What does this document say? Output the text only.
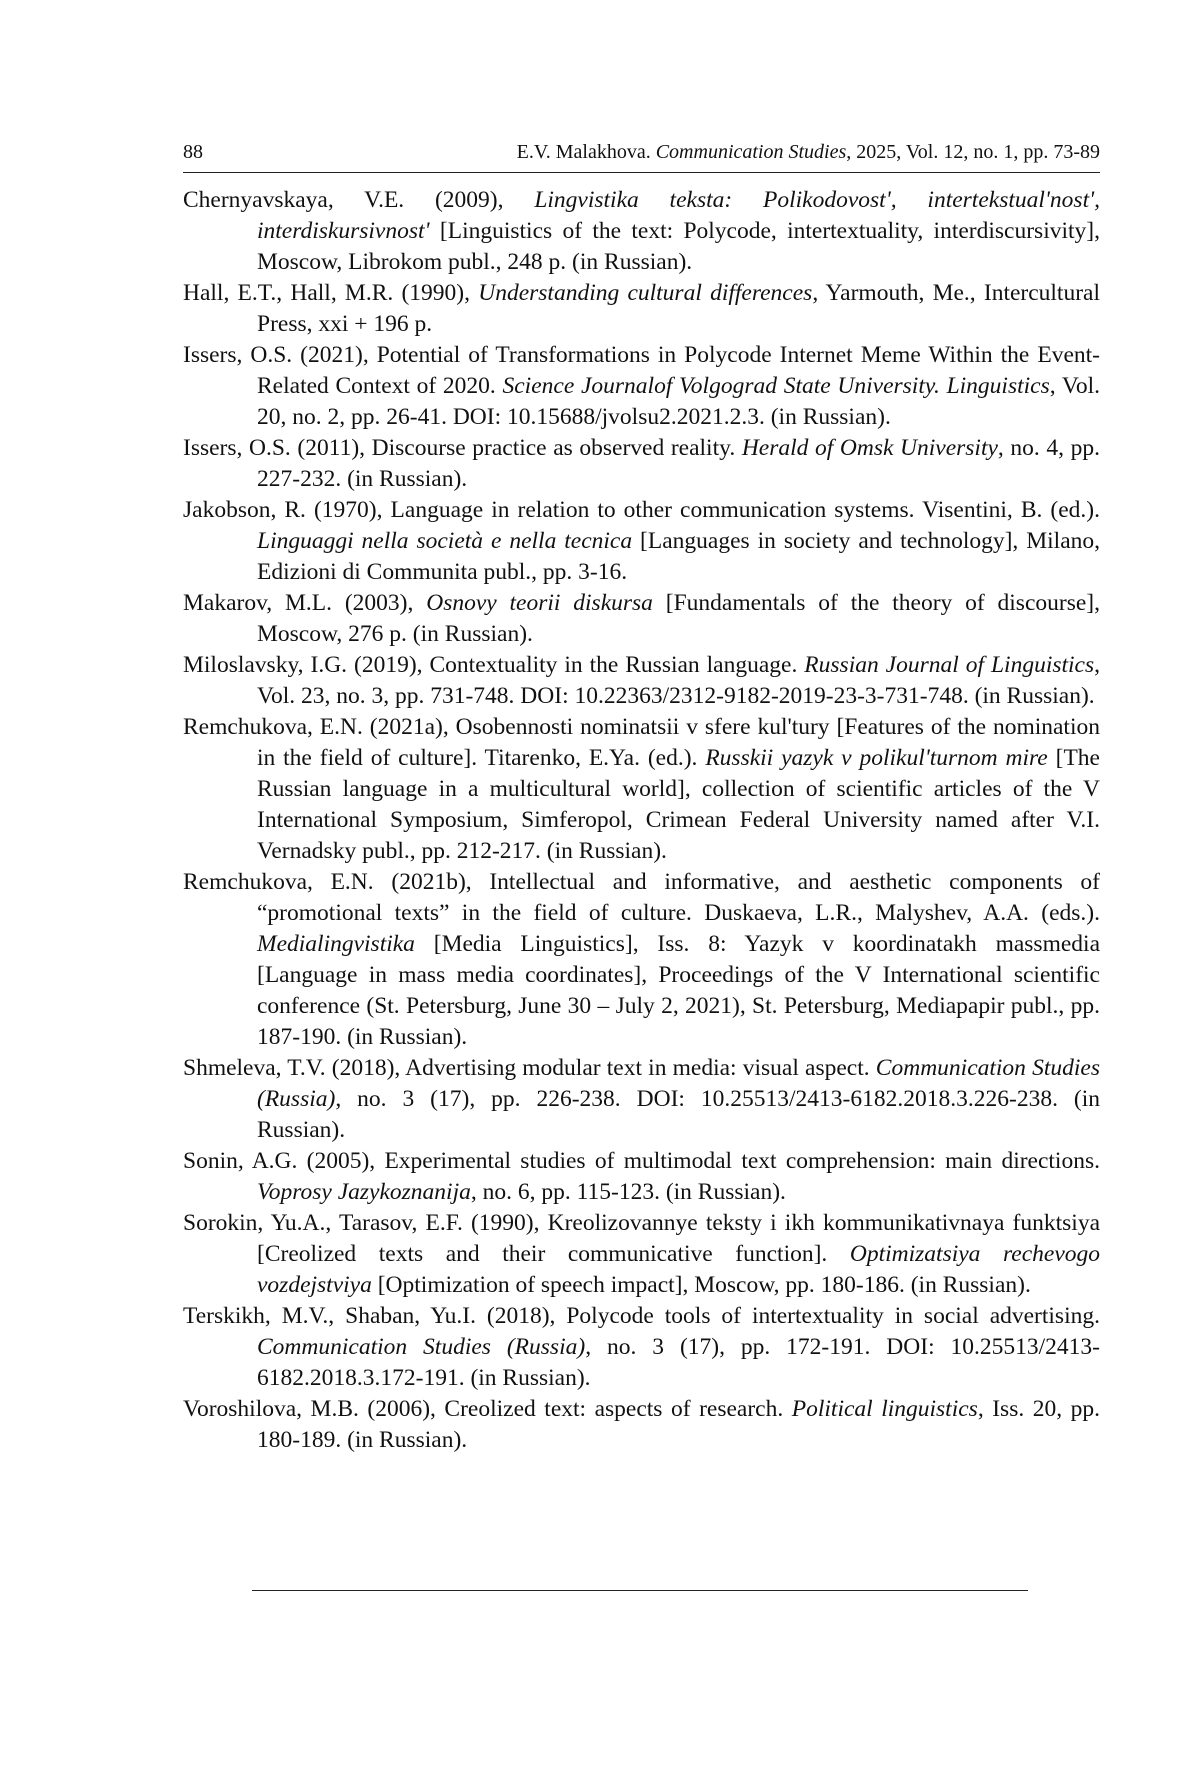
88	E.V. Malakhova. Communication Studies, 2025, Vol. 12, no. 1, pp. 73-89

Chernyavskaya, V.E. (2009), Lingvistika teksta: Polikodovost', intertekstual'nost', interdiskursivnost' [Linguistics of the text: Polycode, intertextuality, interdiscursivity], Moscow, Librokom publ., 248 p. (in Russian).

Hall, E.T., Hall, M.R. (1990), Understanding cultural differences, Yarmouth, Me., Intercultural Press, xxi + 196 p.

Issers, O.S. (2021), Potential of Transformations in Polycode Internet Meme Within the Event-Related Context of 2020. Science Journalof Volgograd State University. Linguistics, Vol. 20, no. 2, pp. 26-41. DOI: 10.15688/jvolsu2.2021.2.3. (in Russian).

Issers, O.S. (2011), Discourse practice as observed reality. Herald of Omsk University, no. 4, pp. 227-232. (in Russian).

Jakobson, R. (1970), Language in relation to other communication systems. Visentini, B. (ed.). Linguaggi nella società e nella tecnica [Languages in society and technology], Milano, Edizioni di Communita publ., pp. 3-16.

Makarov, M.L. (2003), Osnovy teorii diskursa [Fundamentals of the theory of discourse], Moscow, 276 p. (in Russian).

Miloslavsky, I.G. (2019), Contextuality in the Russian language. Russian Journal of Linguistics, Vol. 23, no. 3, pp. 731-748. DOI: 10.22363/2312-9182-2019-23-3-731-748. (in Russian).

Remchukova, E.N. (2021a), Osobennosti nominatsii v sfere kul'tury [Features of the nomination in the field of culture]. Titarenko, E.Ya. (ed.). Russkii yazyk v polikul'turnom mire [The Russian language in a multicultural world], collection of scientific articles of the V International Symposium, Simferopol, Crimean Federal University named after V.I. Vernadsky publ., pp. 212-217. (in Russian).

Remchukova, E.N. (2021b), Intellectual and informative, and aesthetic components of “promotional texts” in the field of culture. Duskaeva, L.R., Malyshev, A.A. (eds.). Medialingvistika [Media Linguistics], Iss. 8: Yazyk v koordinatakh massmedia [Language in mass media coordinates], Proceedings of the V International scientific conference (St. Petersburg, June 30 – July 2, 2021), St. Petersburg, Mediapapir publ., pp. 187-190. (in Russian).

Shmeleva, T.V. (2018), Advertising modular text in media: visual aspect. Communication Studies (Russia), no. 3 (17), pp. 226-238. DOI: 10.25513/2413-6182.2018.3.226-238. (in Russian).

Sonin, A.G. (2005), Experimental studies of multimodal text comprehension: main directions. Voprosy Jazykoznanija, no. 6, pp. 115-123. (in Russian).

Sorokin, Yu.A., Tarasov, E.F. (1990), Kreolizovannye teksty i ikh kommunikativnaya funktsiya [Creolized texts and their communicative function]. Optimizatsiya rechevogo vozdejstviya [Optimization of speech impact], Moscow, pp. 180-186. (in Russian).

Terskikh, M.V., Shaban, Yu.I. (2018), Polycode tools of intertextuality in social advertising. Communication Studies (Russia), no. 3 (17), pp. 172-191. DOI: 10.25513/2413-6182.2018.3.172-191. (in Russian).

Voroshilova, M.B. (2006), Creolized text: aspects of research. Political linguistics, Iss. 20, pp. 180-189. (in Russian).
